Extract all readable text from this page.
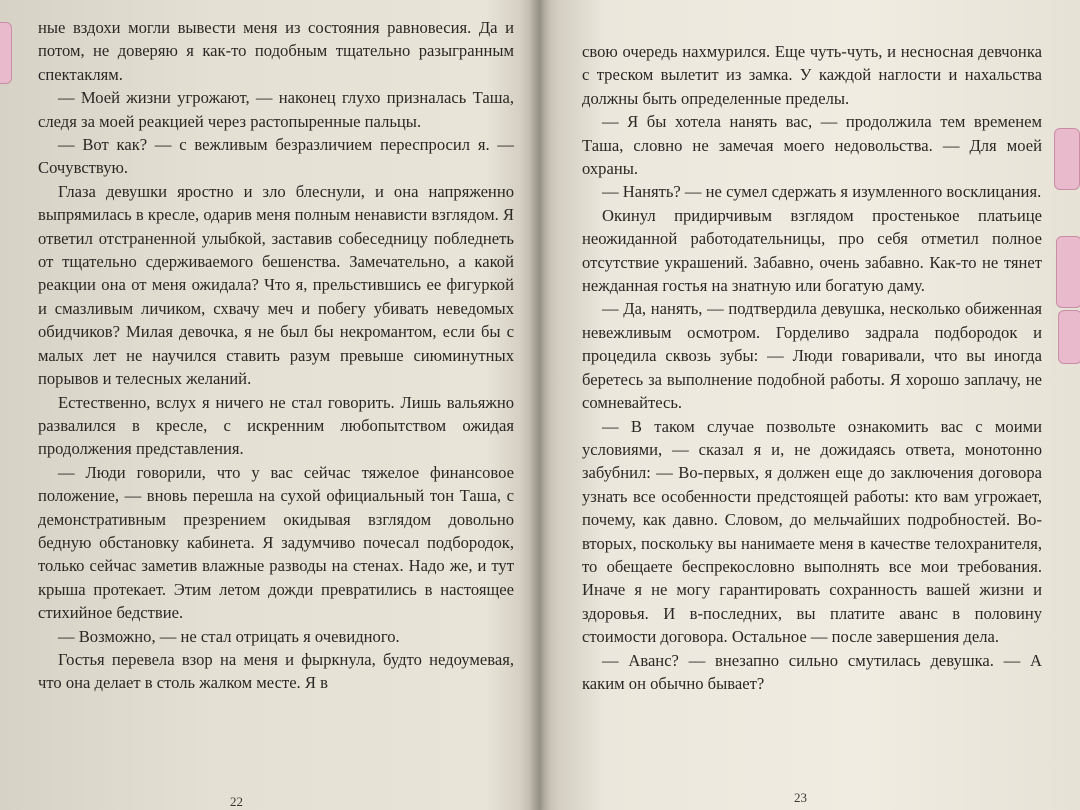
ные вздохи могли вывести меня из состояния равновесия. Да и потом, не доверяю я как-то подобным тщательно разыгранным спектаклям.

— Моей жизни угрожают, — наконец глухо призналась Таша, следя за моей реакцией через растопыренные пальцы.

— Вот как? — с вежливым безразличием переспросил я. — Сочувствую.

Глаза девушки яростно и зло блеснули, и она напряженно выпрямилась в кресле, одарив меня полным ненависти взглядом. Я ответил отстраненной улыбкой, заставив собеседницу побледнеть от тщательно сдерживаемого бешенства. Замечательно, а какой реакции она от меня ожидала? Что я, прельстившись ее фигуркой и смазливым личиком, схвачу меч и побегу убивать неведомых обидчиков? Милая девочка, я не был бы некромантом, если бы с малых лет не научился ставить разум превыше сиюминутных порывов и телесных желаний.

Естественно, вслух я ничего не стал говорить. Лишь вальяжно развалился в кресле, с искренним любопытством ожидая продолжения представления.

— Люди говорили, что у вас сейчас тяжелое финансовое положение, — вновь перешла на сухой официальный тон Таша, с демонстративным презрением окидывая взглядом довольно бедную обстановку кабинета. Я задумчиво почесал подбородок, только сейчас заметив влажные разводы на стенах. Надо же, и тут крыша протекает. Этим летом дожди превратились в настоящее стихийное бедствие.

— Возможно, — не стал отрицать я очевидного.

Гостья перевела взор на меня и фыркнула, будто недоумевая, что она делает в столь жалком месте. Я в

22

свою очередь нахмурился. Еще чуть-чуть, и несносная девчонка с треском вылетит из замка. У каждой наглости и нахальства должны быть определенные пределы.

— Я бы хотела нанять вас, — продолжила тем временем Таша, словно не замечая моего недовольства. — Для моей охраны.

— Нанять? — не сумел сдержать я изумленного восклицания.

Окинул придирчивым взглядом простенькое платьице неожиданной работодательницы, про себя отметил полное отсутствие украшений. Забавно, очень забавно. Как-то не тянет нежданная гостья на знатную или богатую даму.

— Да, нанять, — подтвердила девушка, несколько обиженная невежливым осмотром. Горделиво задрала подбородок и процедила сквозь зубы: — Люди говаривали, что вы иногда беретесь за выполнение подобной работы. Я хорошо заплачу, не сомневайтесь.

— В таком случае позвольте ознакомить вас с моими условиями, — сказал я и, не дожидаясь ответа, монотонно забубнил: — Во-первых, я должен еще до заключения договора узнать все особенности предстоящей работы: кто вам угрожает, почему, как давно. Словом, до мельчайших подробностей. Во-вторых, поскольку вы нанимаете меня в качестве телохранителя, то обещаете беспрекословно выполнять все мои требования. Иначе я не могу гарантировать сохранность вашей жизни и здоровья. И в-последних, вы платите аванс в половину стоимости договора. Остальное — после завершения дела.

— Аванс? — внезапно сильно смутилась девушка. — А каким он обычно бывает?

23
